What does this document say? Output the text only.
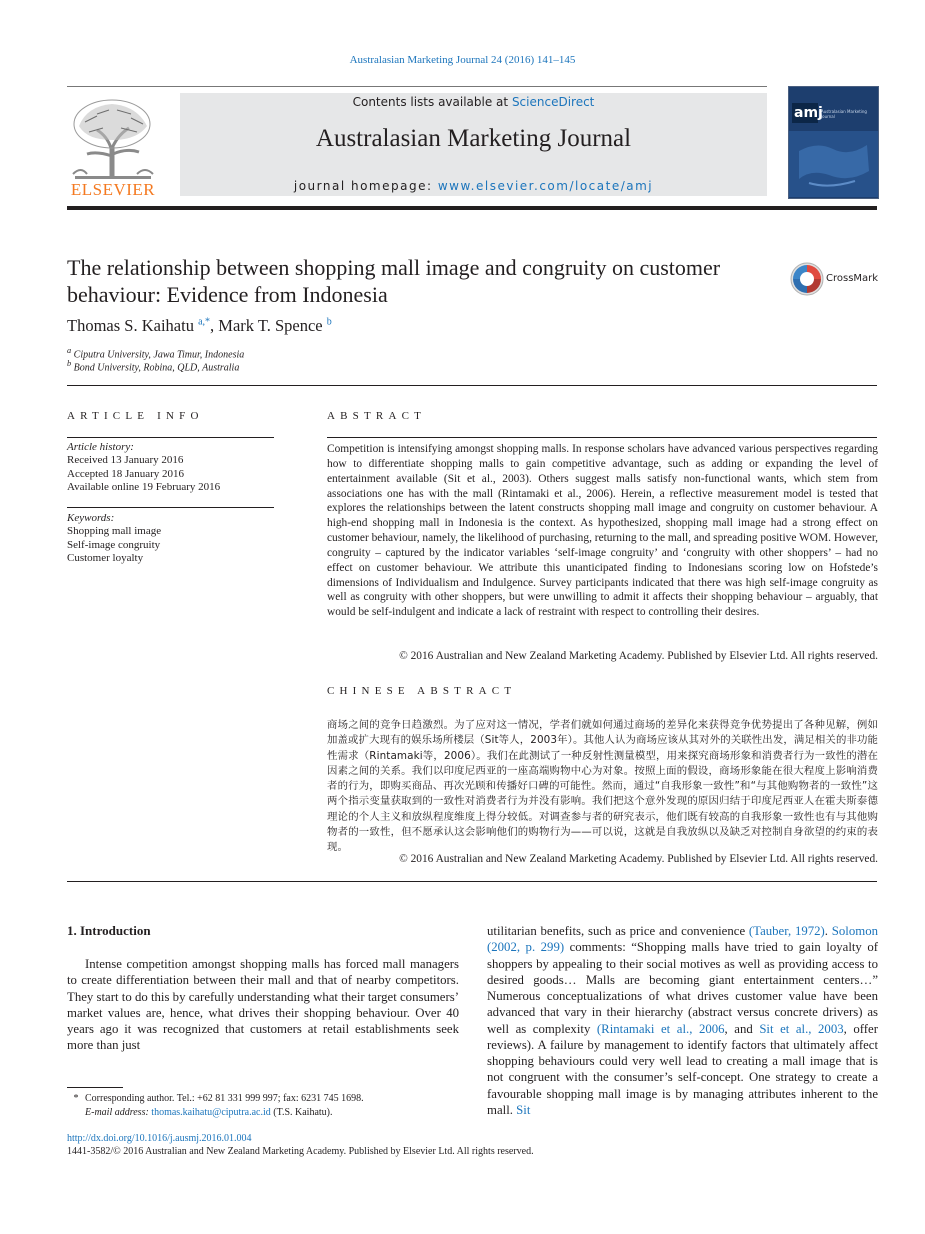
Australasian Marketing Journal 24 (2016) 141–145
ELSEVIER
Contents lists available at ScienceDirect
Australasian Marketing Journal
journal homepage: www.elsevier.com/locate/amj
amj
Australasian Marketing Journal
The relationship between shopping mall image and congruity on customer behaviour: Evidence from Indonesia
CrossMark
Thomas S. Kaihatu $^{a,*}$, Mark T. Spence $^b$
$^a$ Ciputra University, Jawa Timur, Indonesia
$^b$ Bond University, Robina, QLD, Australia
ARTICLE INFO
Article history:
Received 13 January 2016
Accepted 18 January 2016
Available online 19 February 2016
Keywords:
Shopping mall image
Self-image congruity
Customer loyalty
ABSTRACT
Competition is intensifying amongst shopping malls. In response scholars have advanced various perspectives regarding how to differentiate shopping malls to gain competitive advantage, such as adding or expanding the level of entertainment available (Sit et al., 2003). Others suggest malls satisfy non-functional wants, which stem from associations one has with the mall (Rintamaki et al., 2006). Herein, a reflective measurement model is tested that explores the relationships between the latent constructs shopping mall image and congruity on customer behaviour. A high-end shopping mall in Indonesia is the context. As hypothesized, shopping mall image had a strong effect on customer behaviour, namely, the likelihood of purchasing, returning to the mall, and spreading positive WOM. However, congruity – captured by the indicator variables ‘self-image congruity’ and ‘congruity with other shoppers’ – had no effect on customer behaviour. We attribute this unanticipated finding to Indonesians scoring low on Hofstede’s dimensions of Individualism and Indulgence. Survey participants indicated that there was high self-image congruity as well as congruity with other shoppers, but were unwilling to admit it affects their shopping behaviour – arguably, that would be self-indulgent and indicate a lack of restraint with respect to controlling their desires.
© 2016 Australian and New Zealand Marketing Academy. Published by Elsevier Ltd. All rights reserved.
CHINESE ABSTRACT
商场之间的竞争日趋激烈。为了应对这一情况，学者们就如何通过商场的差异化来获得竞争优势提出了各种见解，例如加盖或扩大现有的娱乐场所楼层（Sit等人，2003年）。其他人认为商场应该从其对外的关联性出发，满足相关的非功能性需求（Rintamaki等，2006）。我们在此测试了一种反射性测量模型，用来探究商场形象和消费者行为一致性的潜在因素之间的关系。我们以印度尼西亚的一座高端购物中心为对象。按照上面的假设，商场形象能在很大程度上影响消费者的行为，即购买商品、再次光顾和传播好口碑的可能性。然而，通过“自我形象一致性”和“与其他购物者的一致性”这两个指示变量获取到的一致性对消费者行为并没有影响。我们把这个意外发现的原因归结于印度尼西亚人在霍夫斯泰德理论的个人主义和放纵程度维度上得分较低。对调查参与者的研究表示，他们既有较高的自我形象一致性也有与其他购物者的一致性，但不愿承认这会影响他们的购物行为——可以说，这就是自我放纵以及缺乏对控制自身欲望的约束的表现。
© 2016 Australian and New Zealand Marketing Academy. Published by Elsevier Ltd. All rights reserved.
1. Introduction
Intense competition amongst shopping malls has forced mall managers to create differentiation between their mall and that of nearby competitors. They start to do this by carefully understanding what their target consumers’ market values are, hence, what drives their shopping behaviour. Over 40 years ago it was recognized that customers at retail establishments seek more than just
utilitarian benefits, such as price and convenience (Tauber, 1972). Solomon (2002, p. 299) comments: “Shopping malls have tried to gain loyalty of shoppers by appealing to their social motives as well as providing access to desired goods… Malls are becoming giant entertainment centers…” Numerous conceptualizations of what drives customer value have been advanced that vary in their hierarchy (abstract versus concrete drivers) as well as complexity (Rintamaki et al., 2006, and Sit et al., 2003, offer reviews). A failure by management to identify factors that ultimately affect shopping behaviours could very well lead to creating a mall image that is not congruent with the consumer’s self-concept. One strategy to create a favourable shopping mall image is by managing attributes inherent to the mall. Sit
* Corresponding author. Tel.: +62 81 331 999 997; fax: 6231 745 1698.
E-mail address: thomas.kaihatu@ciputra.ac.id (T.S. Kaihatu).
http://dx.doi.org/10.1016/j.ausmj.2016.01.004
1441-3582/© 2016 Australian and New Zealand Marketing Academy. Published by Elsevier Ltd. All rights reserved.
